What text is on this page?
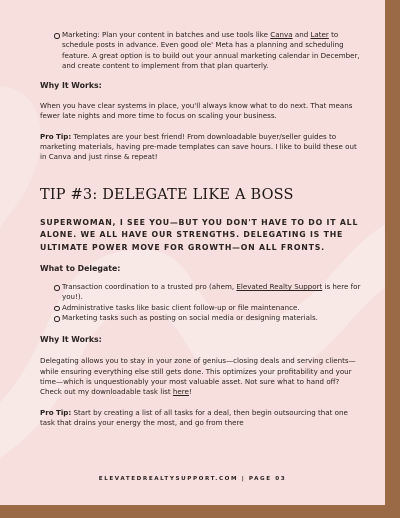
Marketing: Plan your content in batches and use tools like Canva and Later to schedule posts in advance. Even good ole' Meta has a planning and scheduling feature. A great option is to build out your annual marketing calendar in December, and create content to implement from that plan quarterly.

Why It Works:

When you have clear systems in place, you'll always know what to do next. That means fewer late nights and more time to focus on scaling your business.

Pro Tip: Templates are your best friend! From downloadable buyer/seller guides to marketing materials, having pre-made templates can save hours. I like to build these out in Canva and just rinse & repeat!

TIP #3: DELEGATE LIKE A BOSS

SUPERWOMAN, I SEE YOU—BUT YOU DON'T HAVE TO DO IT ALL ALONE. WE ALL HAVE OUR STRENGTHS. DELEGATING IS THE ULTIMATE POWER MOVE FOR GROWTH—ON ALL FRONTS.

What to Delegate:

Transaction coordination to a trusted pro (ahem, Elevated Realty Support is here for you!).
Administrative tasks like basic client follow-up or file maintenance.
Marketing tasks such as posting on social media or designing materials.

Why It Works:

Delegating allows you to stay in your zone of genius—closing deals and serving clients—while ensuring everything else still gets done. This optimizes your profitability and your time—which is unquestionably your most valuable asset. Not sure what to hand off? Check out my downloadable task list here!

Pro Tip: Start by creating a list of all tasks for a deal, then begin outsourcing that one task that drains your energy the most, and go from there

ELEVATEDREALTYSUPPORT.COM | PAGE 03
